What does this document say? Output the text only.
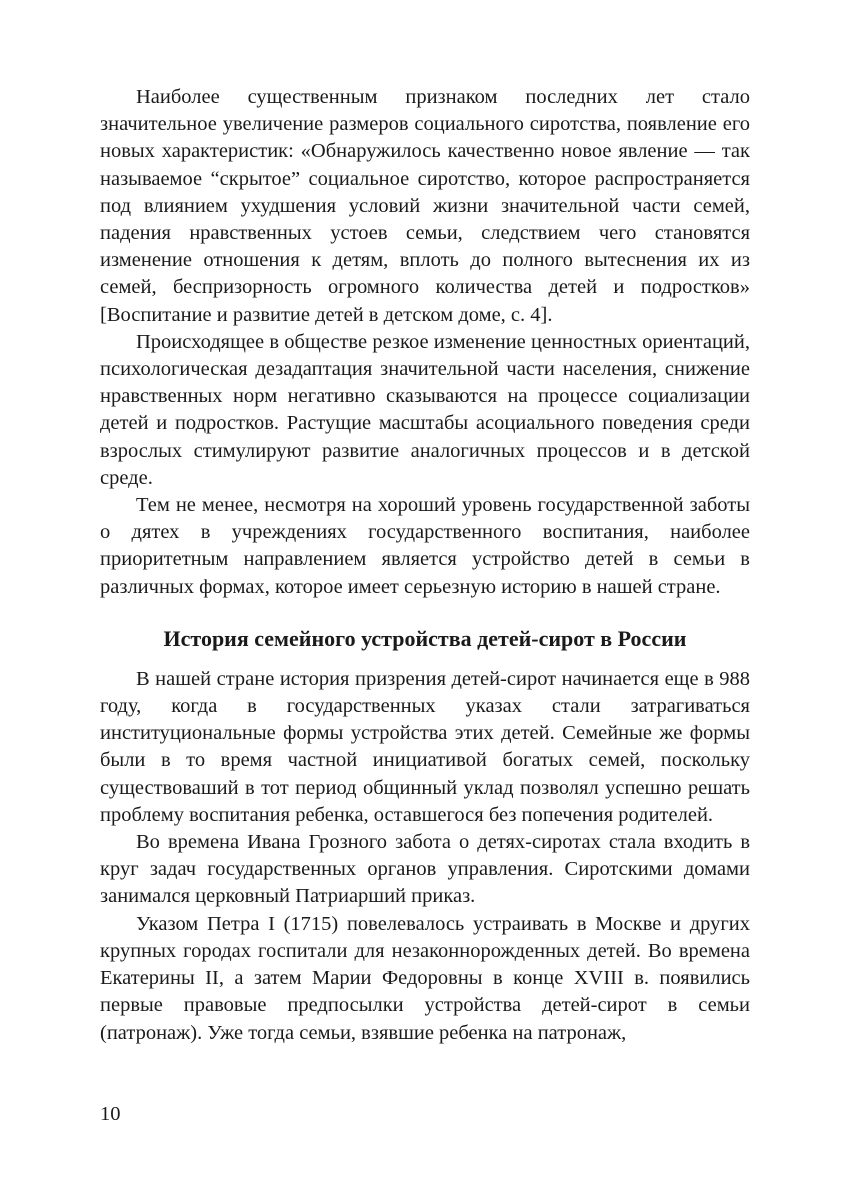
Наиболее существенным признаком последних лет стало значительное увеличение размеров социального сиротства, появление его новых характеристик: «Обнаружилось качественно новое явление — так называемое “скрытое” социальное сиротство, которое распространяется под влиянием ухудшения условий жизни значительной части семей, падения нравственных устоев семьи, следствием чего становятся изменение отношения к детям, вплоть до полного вытеснения их из семей, беспризорность огромного количества детей и подростков» [Воспитание и развитие детей в детском доме, с. 4].

Происходящее в обществе резкое изменение ценностных ориентаций, психологическая дезадаптация значительной части населения, снижение нравственных норм негативно сказываются на процессе социализации детей и подростков. Растущие масштабы асоциального поведения среди взрослых стимулируют развитие аналогичных процессов и в детской среде.

Тем не менее, несмотря на хороший уровень государственной заботы о дятех в учреждениях государственного воспитания, наиболее приоритетным направлением является устройство детей в семьи в различных формах, которое имеет серьезную историю в нашей стране.

История семейного устройства детей-сирот в России

В нашей стране история призрения детей-сирот начинается еще в 988 году, когда в государственных указах стали затрагиваться институциональные формы устройства этих детей. Семейные же формы были в то время частной инициативой богатых семей, поскольку существоваший в тот период общинный уклад позволял успешно решать проблему воспитания ребенка, оставшегося без попечения родителей.

Во времена Ивана Грозного забота о детях-сиротах стала входить в круг задач государственных органов управления. Сиротскими домами занимался церковный Патриарший приказ.

Указом Петра I (1715) повелевалось устраивать в Москве и других крупных городах госпитали для незаконнорожденных детей. Во времена Екатерины II, а затем Марии Федоровны в конце XVIII в. появились первые правовые предпосылки устройства детей-сирот в семьи (патронаж). Уже тогда семьи, взявшие ребенка на патронаж,

10
